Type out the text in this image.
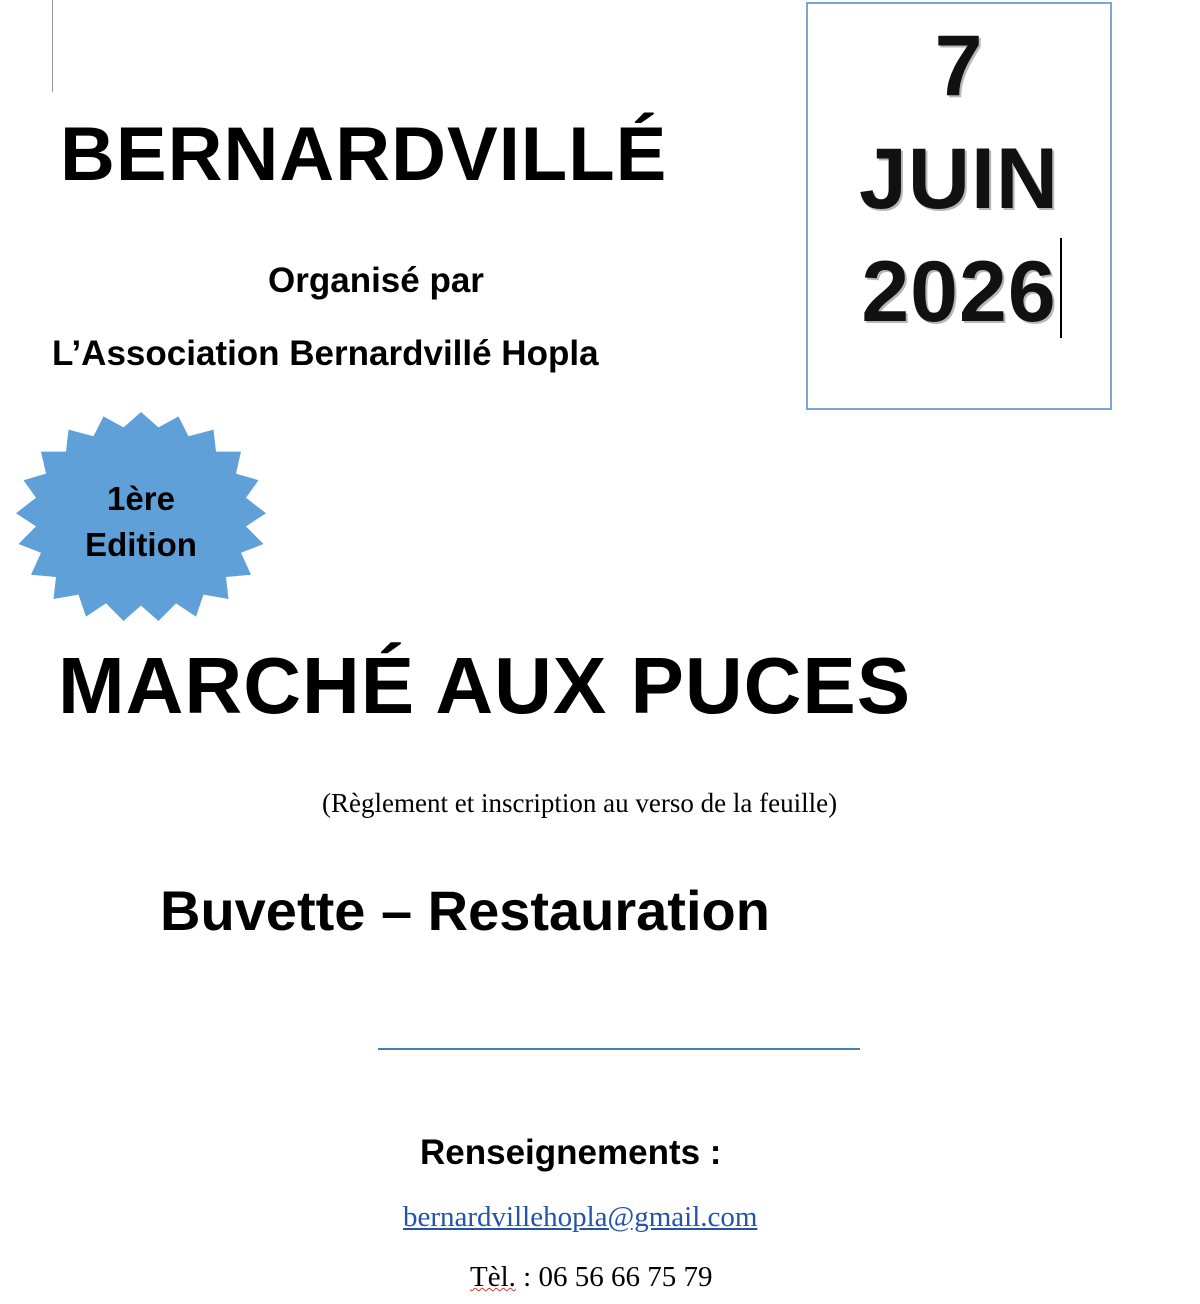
7
JUIN
2026
BERNARDVILLÉ
Organisé par
L’Association Bernardvillé Hopla
1ère
Edition
MARCHÉ AUX PUCES
(Règlement et inscription au verso de la feuille)
Buvette – Restauration
Renseignements :
bernardvillehopla@gmail.com
Tèl. : 06 56 66 75 79
